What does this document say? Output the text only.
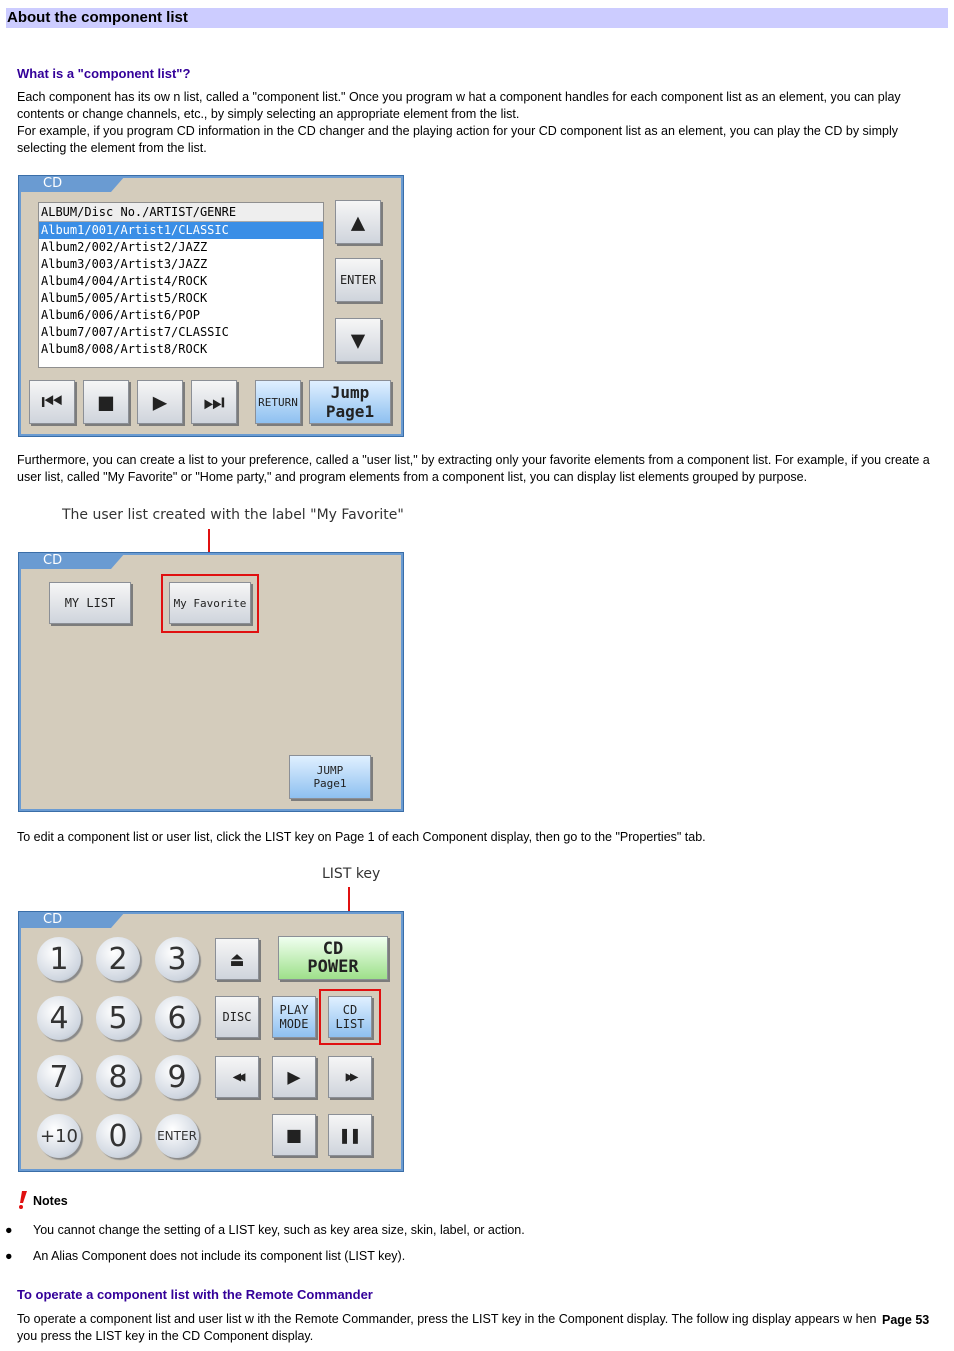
About the component list
What is a "component list"?
Each component has its ow n list, called a "component list." Once you program w hat a component handles for each component list as an element, you can play contents or change channels, etc., by simply selecting an appropriate element from the list.
For example, if you program CD information in the CD changer and the playing action for your CD component list as an element, you can play the CD by simply selecting the element from the list.
CD
ALBUM/Disc No./ARTIST/GENRE
Album1/001/Artist1/CLASSIC
Album2/002/Artist2/JAZZ
Album3/003/Artist3/JAZZ
Album4/004/Artist4/ROCK
Album5/005/Artist5/ROCK
Album6/006/Artist6/POP
Album7/007/Artist7/CLASSIC
Album8/008/Artist8/ROCK
▲
ENTER
▼
⏮	■	▶	⏭	RETURN Jump
Page1
Furthermore, you can create a list to your preference, called a "user list," by extracting only your favorite elements from a component list. For example, if you create a user list, called "My Favorite" or "Home party," and program elements from a component list, you can display list elements grouped by purpose.
The user list created with the label "My Favorite"
CD
MY LIST	My Favorite
JUMP
Page1
To edit a component list or user list, click the LIST key on Page 1 of each Component display, then go to the "Properties" tab.
LIST key
CD
1	2	3
4	5	6
7	8	9
+10	0	ENTER
⏏	CD
POWER
DISC	PLAY
MODE
CD
LIST
◀◀	▶	▶▶
■	❚❚
Notes
● You cannot change the setting of a LIST key, such as key area size, skin, label, or action.
● An Alias Component does not include its component list (LIST key).
To operate a component list with the Remote Commander
To operate a component list and user list w ith the Remote Commander, press the LIST key in the Component display. The follow ing display appears w hen you press the LIST key in the CD Component display.
Page 53
